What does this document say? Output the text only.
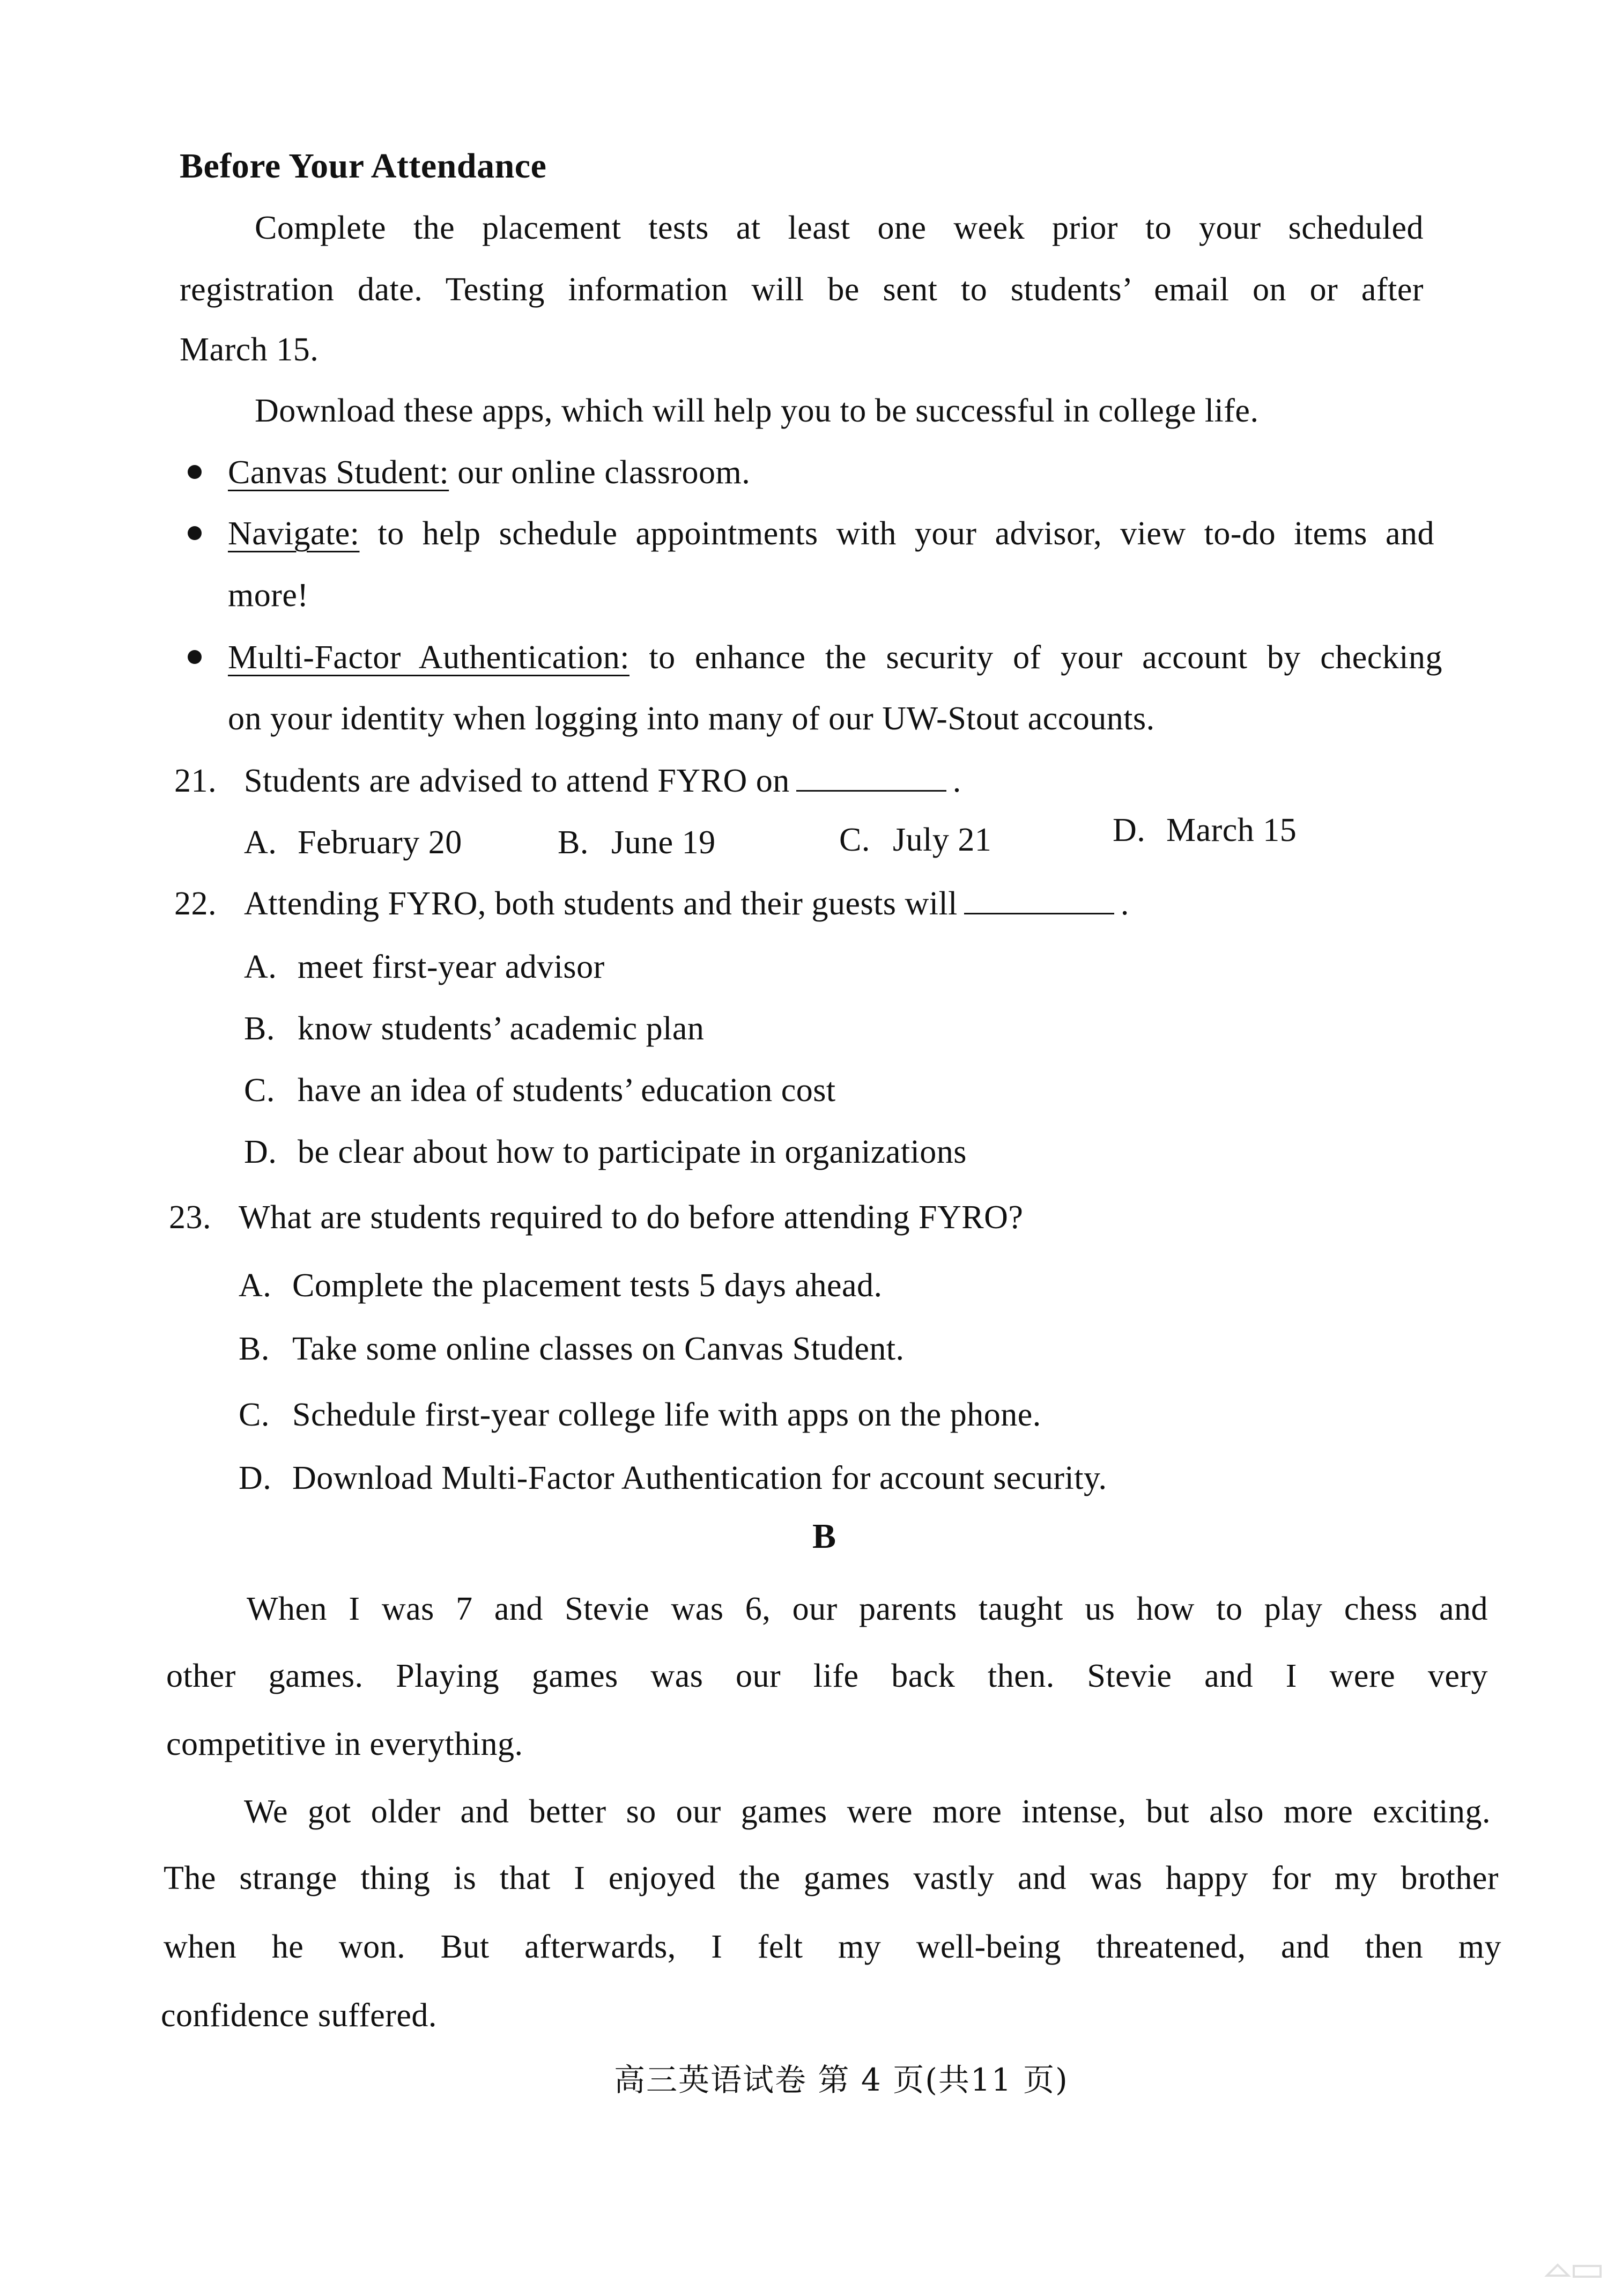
Before Your Attendance
Complete the placement tests at least one week prior to your scheduled
registration date. Testing information will be sent to students’ email on or after
March 15.
Download these apps, which will help you to be successful in college life.
Canvas Student: our online classroom.
Navigate: to help schedule appointments with your advisor, view to-do items and
more!
Multi-Factor Authentication: to enhance the security of your account by checking
on your identity when logging into many of our UW-Stout accounts.
21. Students are advised to attend FYRO on	.
A. February 20	B. June 19	C. July 21	D. March 15
22. Attending FYRO, both students and their guests will	.
A. meet first-year advisor
B. know students’ academic plan
C. have an idea of students’ education cost
D. be clear about how to participate in organizations
23. What are students required to do before attending FYRO?
A. Complete the placement tests 5 days ahead.
B. Take some online classes on Canvas Student.
C. Schedule first-year college life with apps on the phone.
D. Download Multi-Factor Authentication for account security.
B
When I was 7 and Stevie was 6, our parents taught us how to play chess and
other games. Playing games was our life back then. Stevie and I were very
competitive in everything.
We got older and better so our games were more intense, but also more exciting.
The strange thing is that I enjoyed the games vastly and was happy for my brother
when he won. But afterwards, I felt my well-being threatened, and then my
confidence suffered.
高三英语试卷 第 4 页(共11 页)
